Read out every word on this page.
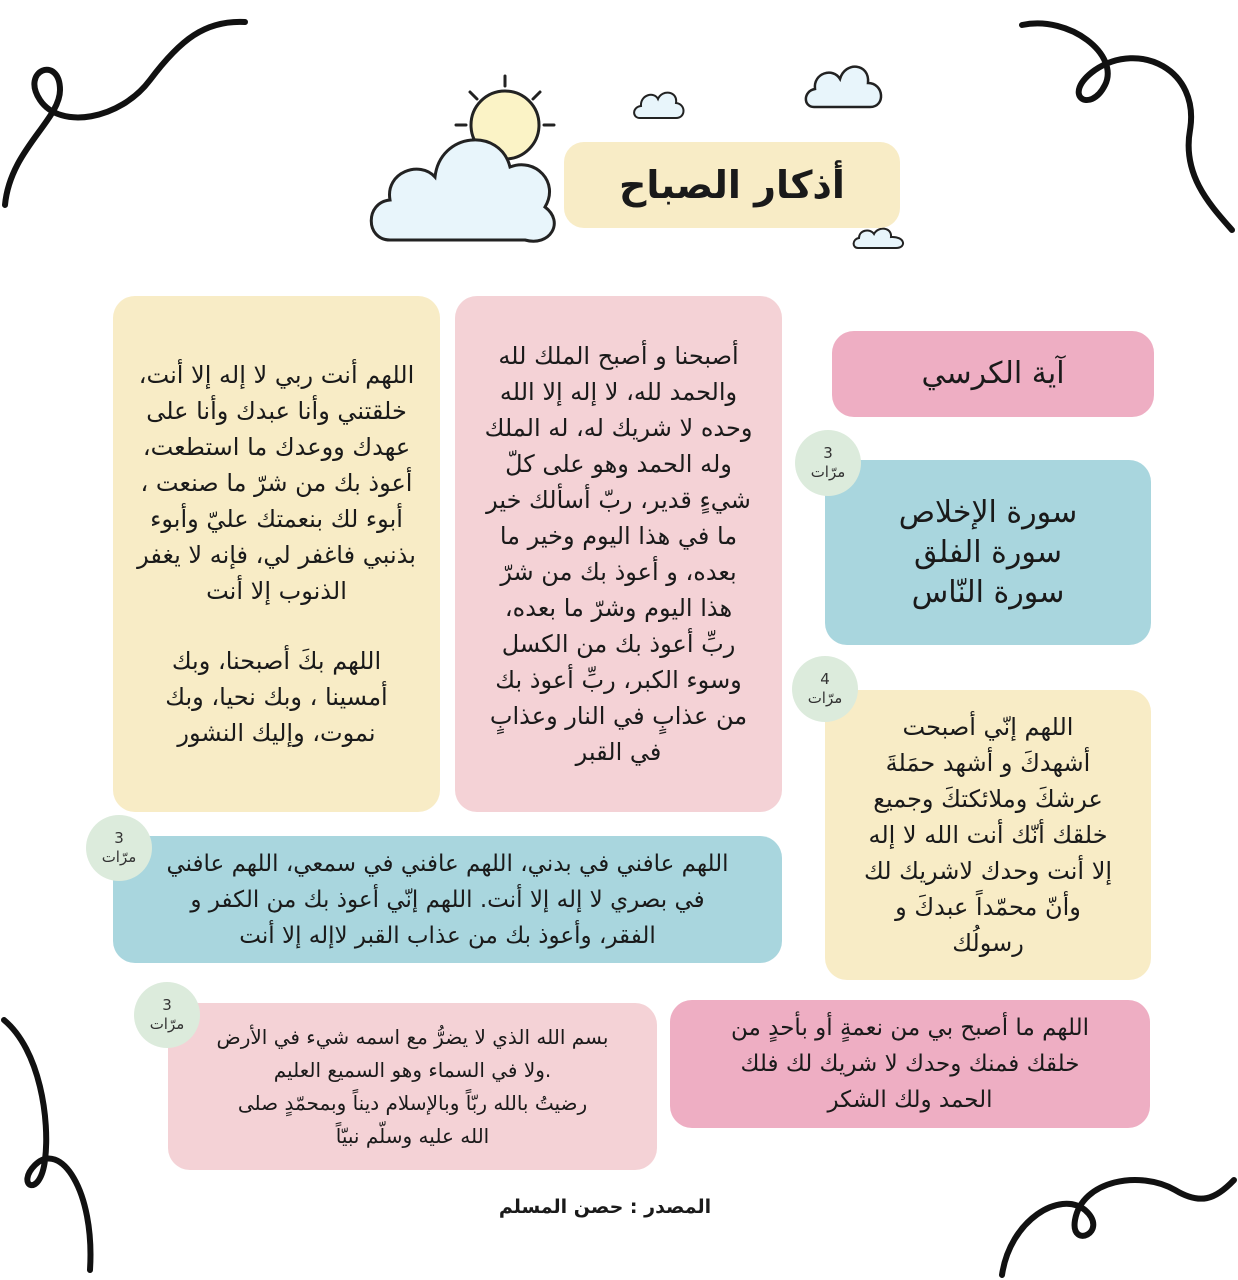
أذكار الصباح
آية الكرسي
أصبحنا و أصبح الملك لله
والحمد لله، لا إله إلا الله
وحده لا شريك له، له الملك
وله الحمد وهو على كلّ
شيءٍ قدير، ربّ أسألك خير
ما في هذا اليوم وخير ما
بعده، و أعوذ بك من شرّ
هذا اليوم وشرّ ما بعده،
ربِّ أعوذ بك من الكسل
وسوء الكبر، ربِّ أعوذ بك
من عذابٍ في النار وعذابٍ
في القبر
اللهم أنت ربي لا إله إلا أنت،
خلقتني وأنا عبدك وأنا على
عهدك ووعدك ما استطعت،
أعوذ بك من شرّ ما صنعت ،
أبوء لك بنعمتك عليّ وأبوء
بذنبي فاغفر لي، فإنه لا يغفر
الذنوب إلا أنت
اللهم بكَ أصبحنا، وبك
أمسينا ، وبك نحيا، وبك
نموت، وإليك النشور
سورة الإخلاص
سورة الفلق
سورة النّاس
3
مرّات
اللهم إنّي أصبحت
أشهدكَ و أشهد حمَلةَ
عرشكَ وملائكتكَ وجميع
خلقك أنّك أنت الله لا إله
إلا أنت وحدك لاشريك لك
وأنّ محمّداً عبدكَ و
رسولُك
4
مرّات
اللهم عافني في بدني، اللهم عافني في سمعي، اللهم عافني
في بصري لا إله إلا أنت. اللهم إنّي أعوذ بك من الكفر و
الفقر، وأعوذ بك من عذاب القبر لاإله إلا أنت
3
مرّات
بسم الله الذي لا يضرُّ مع اسمه شيء في الأرض
.ولا في السماء وهو السميع العليم
رضيتُ بالله ربّاً وبالإسلام ديناً وبمحمّدٍ صلى
الله عليه وسلّم نبيّاً
3
مرّات	اللهم ما أصبح بي من نعمةٍ أو بأحدٍ من
خلقك فمنك وحدك لا شريك لك فلك
الحمد ولك الشكر
المصدر : حصن المسلم
